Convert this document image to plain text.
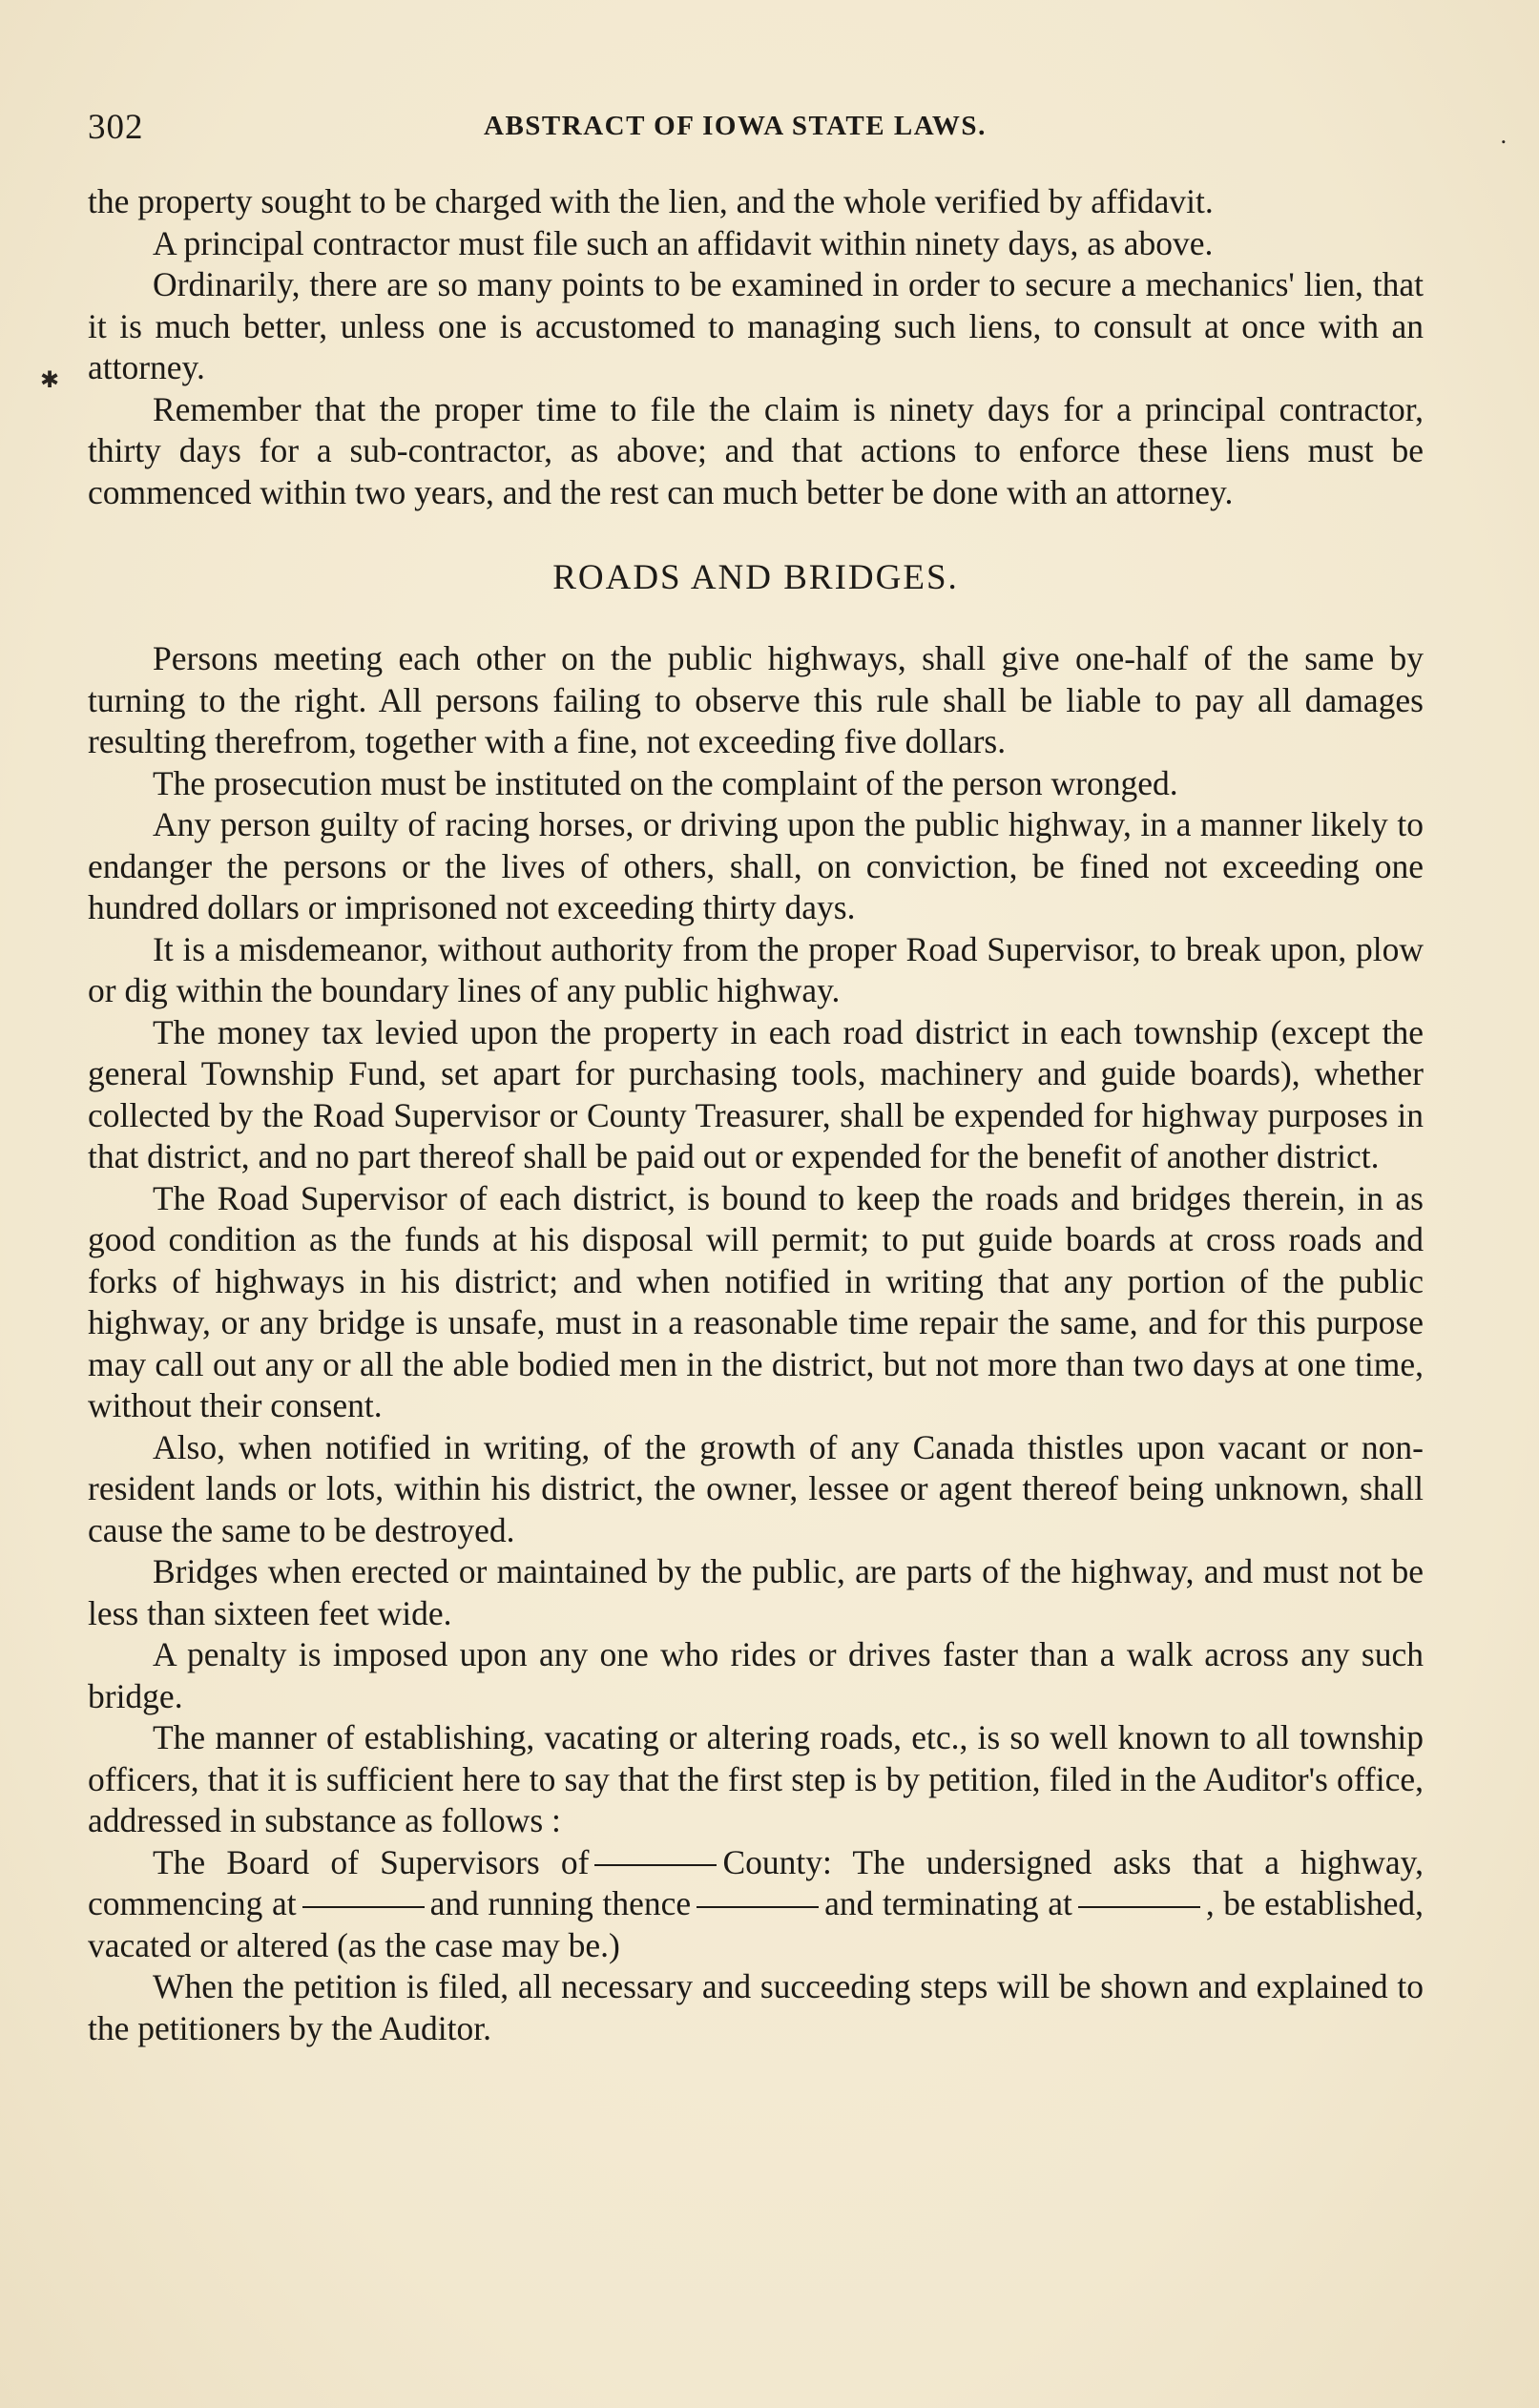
302	ABSTRACT OF IOWA STATE LAWS.	.
✱

the property sought to be charged with the lien, and the whole verified by affidavit.

A principal contractor must file such an affidavit within ninety days, as above.

Ordinarily, there are so many points to be examined in order to secure a mechanics' lien, that it is much better, unless one is accustomed to managing such liens, to consult at once with an attorney.

Remember that the proper time to file the claim is ninety days for a principal contractor, thirty days for a sub-contractor, as above; and that actions to enforce these liens must be commenced within two years, and the rest can much better be done with an attorney.

ROADS AND BRIDGES.

Persons meeting each other on the public highways, shall give one-half of the same by turning to the right. All persons failing to observe this rule shall be liable to pay all damages resulting therefrom, together with a fine, not exceeding five dollars.

The prosecution must be instituted on the complaint of the person wronged.

Any person guilty of racing horses, or driving upon the public highway, in a manner likely to endanger the persons or the lives of others, shall, on conviction, be fined not exceeding one hundred dollars or imprisoned not exceeding thirty days.

It is a misdemeanor, without authority from the proper Road Supervisor, to break upon, plow or dig within the boundary lines of any public highway.

The money tax levied upon the property in each road district in each township (except the general Township Fund, set apart for purchasing tools, machinery and guide boards), whether collected by the Road Supervisor or County Treasurer, shall be expended for highway purposes in that district, and no part thereof shall be paid out or expended for the benefit of another district.

The Road Supervisor of each district, is bound to keep the roads and bridges therein, in as good condition as the funds at his disposal will permit; to put guide boards at cross roads and forks of highways in his district; and when notified in writing that any portion of the public highway, or any bridge is unsafe, must in a reasonable time repair the same, and for this purpose may call out any or all the able bodied men in the district, but not more than two days at one time, without their consent.

Also, when notified in writing, of the growth of any Canada thistles upon vacant or non-resident lands or lots, within his district, the owner, lessee or agent thereof being unknown, shall cause the same to be destroyed.

Bridges when erected or maintained by the public, are parts of the highway, and must not be less than sixteen feet wide.

A penalty is imposed upon any one who rides or drives faster than a walk across any such bridge.

The manner of establishing, vacating or altering roads, etc., is so well known to all township officers, that it is sufficient here to say that the first step is by petition, filed in the Auditor's office, addressed in substance as follows :

The Board of Supervisors of	County: The undersigned asks that a highway, commencing at	and running thence	and terminating at	, be established, vacated or altered (as the case may be.)

When the petition is filed, all necessary and succeeding steps will be shown and explained to the petitioners by the Auditor.
